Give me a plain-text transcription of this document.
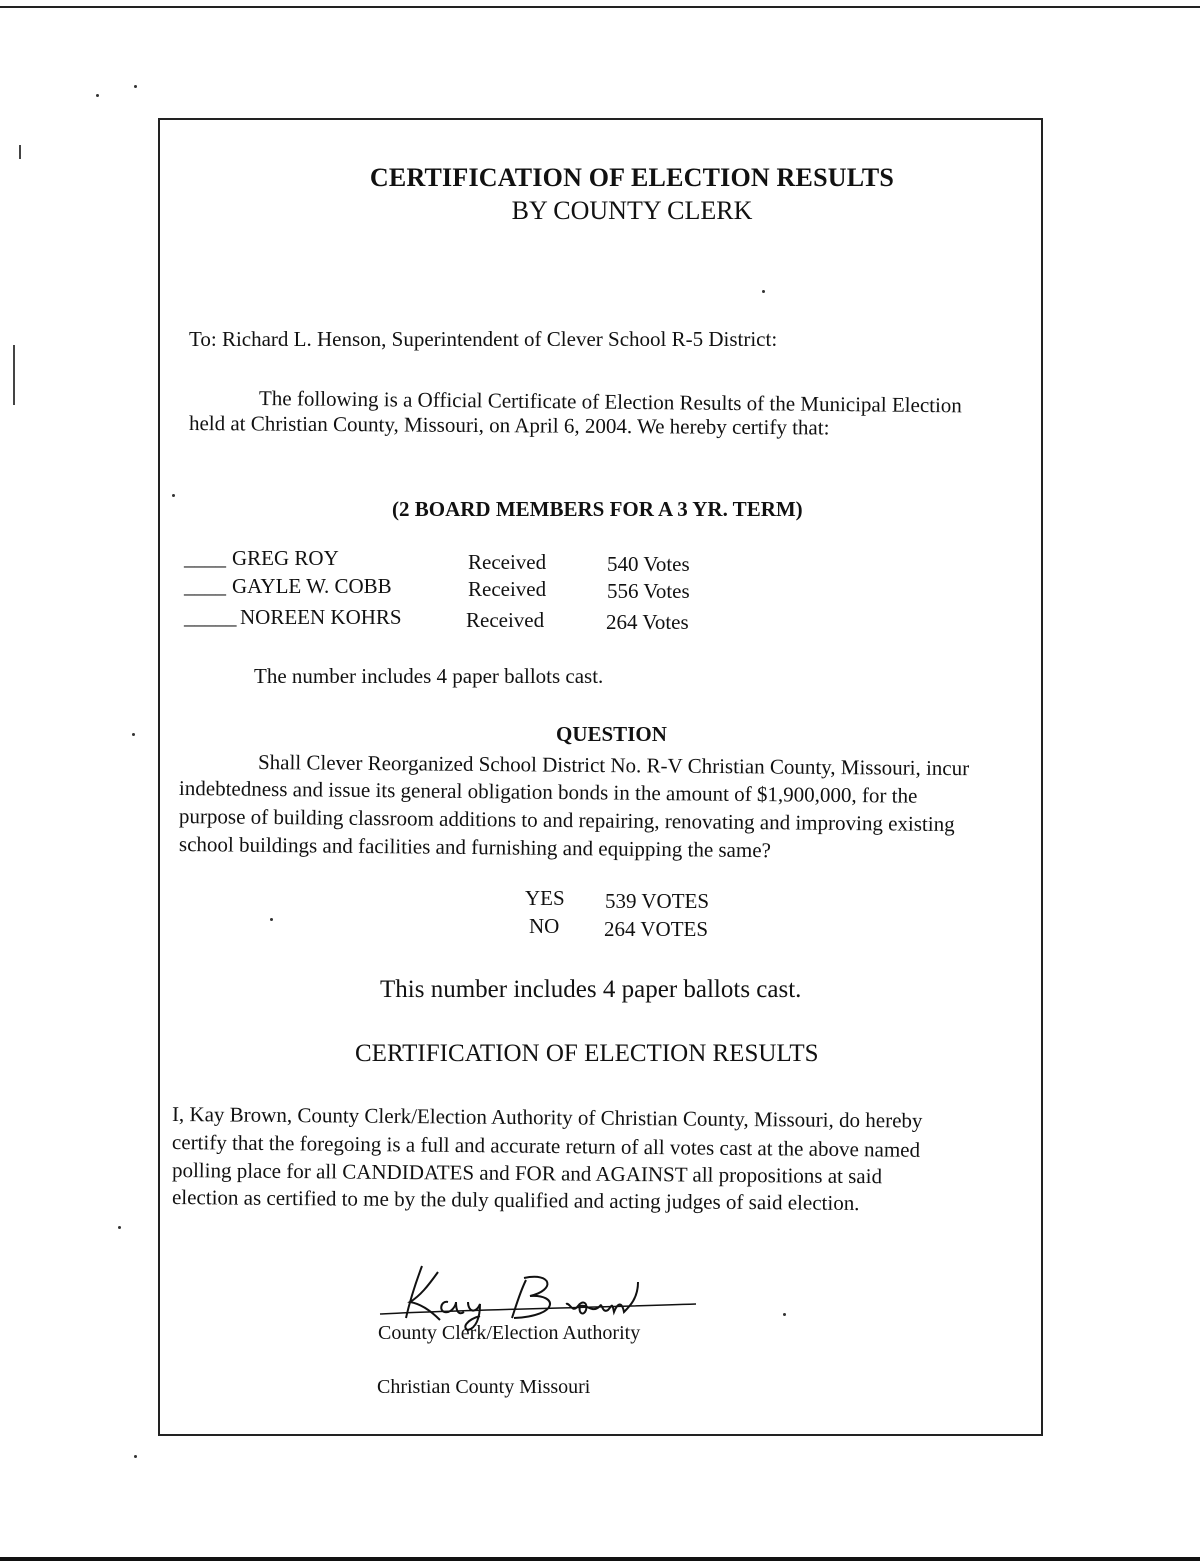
CERTIFICATION OF ELECTION RESULTS
BY COUNTY CLERK
To: Richard L. Henson, Superintendent of Clever School R-5 District:
The following is a Official Certificate of Election Results of the Municipal Election
held at Christian County, Missouri, on April 6, 2004. We hereby certify that:
(2 BOARD MEMBERS FOR A 3 YR. TERM)
____ GREG ROY	Received	540 Votes
____ GAYLE W. COBB	Received	556 Votes
_____ NOREEN KOHRS	Received	264 Votes
The number includes 4 paper ballots cast.
QUESTION
Shall Clever Reorganized School District No. R-V Christian County, Missouri, incur
indebtedness and issue its general obligation bonds in the amount of $1,900,000, for the
purpose of building classroom additions to and repairing, renovating and improving existing
school buildings and facilities and furnishing and equipping the same?
YES 539 VOTES
NO 264 VOTES
This number includes 4 paper ballots cast.
CERTIFICATION OF ELECTION RESULTS
I, Kay Brown, County Clerk/Election Authority of Christian County, Missouri, do hereby
certify that the foregoing is a full and accurate return of all votes cast at the above named
polling place for all CANDIDATES and FOR and AGAINST all propositions at said
election as certified to me by the duly qualified and acting judges of said election.
County Clerk/Election Authority
Christian County Missouri
